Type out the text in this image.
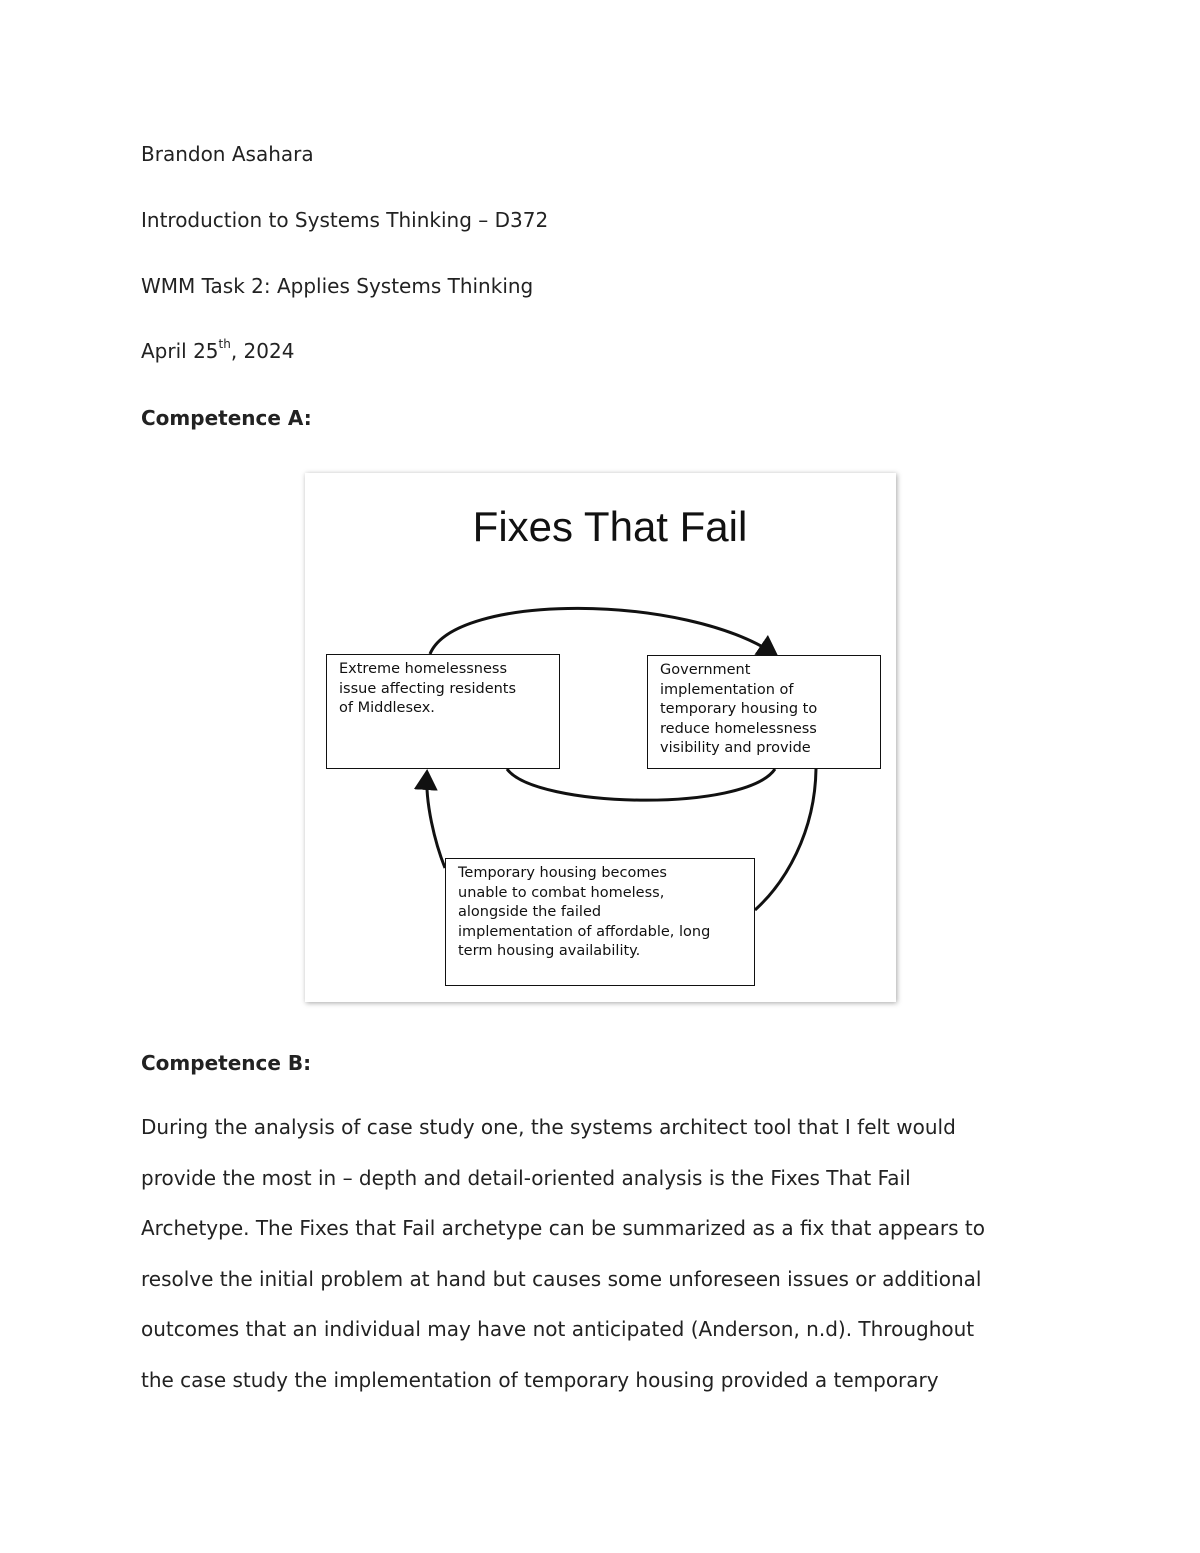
Brandon Asahara
Introduction to Systems Thinking – D372
WMM Task 2: Applies Systems Thinking
April 25th, 2024
Competence A:
Fixes That Fail
Extreme homelessness
issue affecting residents
of Middlesex.
Government
implementation of
temporary housing to
reduce homelessness
visibility and provide
Temporary housing becomes
unable to combat homeless,
alongside the failed
implementation of affordable, long
term housing availability.
Competence B:
During the analysis of case study one, the systems architect tool that I felt would
provide the most in – depth and detail-oriented analysis is the Fixes That Fail
Archetype. The Fixes that Fail archetype can be summarized as a fix that appears to
resolve the initial problem at hand but causes some unforeseen issues or additional
outcomes that an individual may have not anticipated (Anderson, n.d). Throughout
the case study the implementation of temporary housing provided a temporary
